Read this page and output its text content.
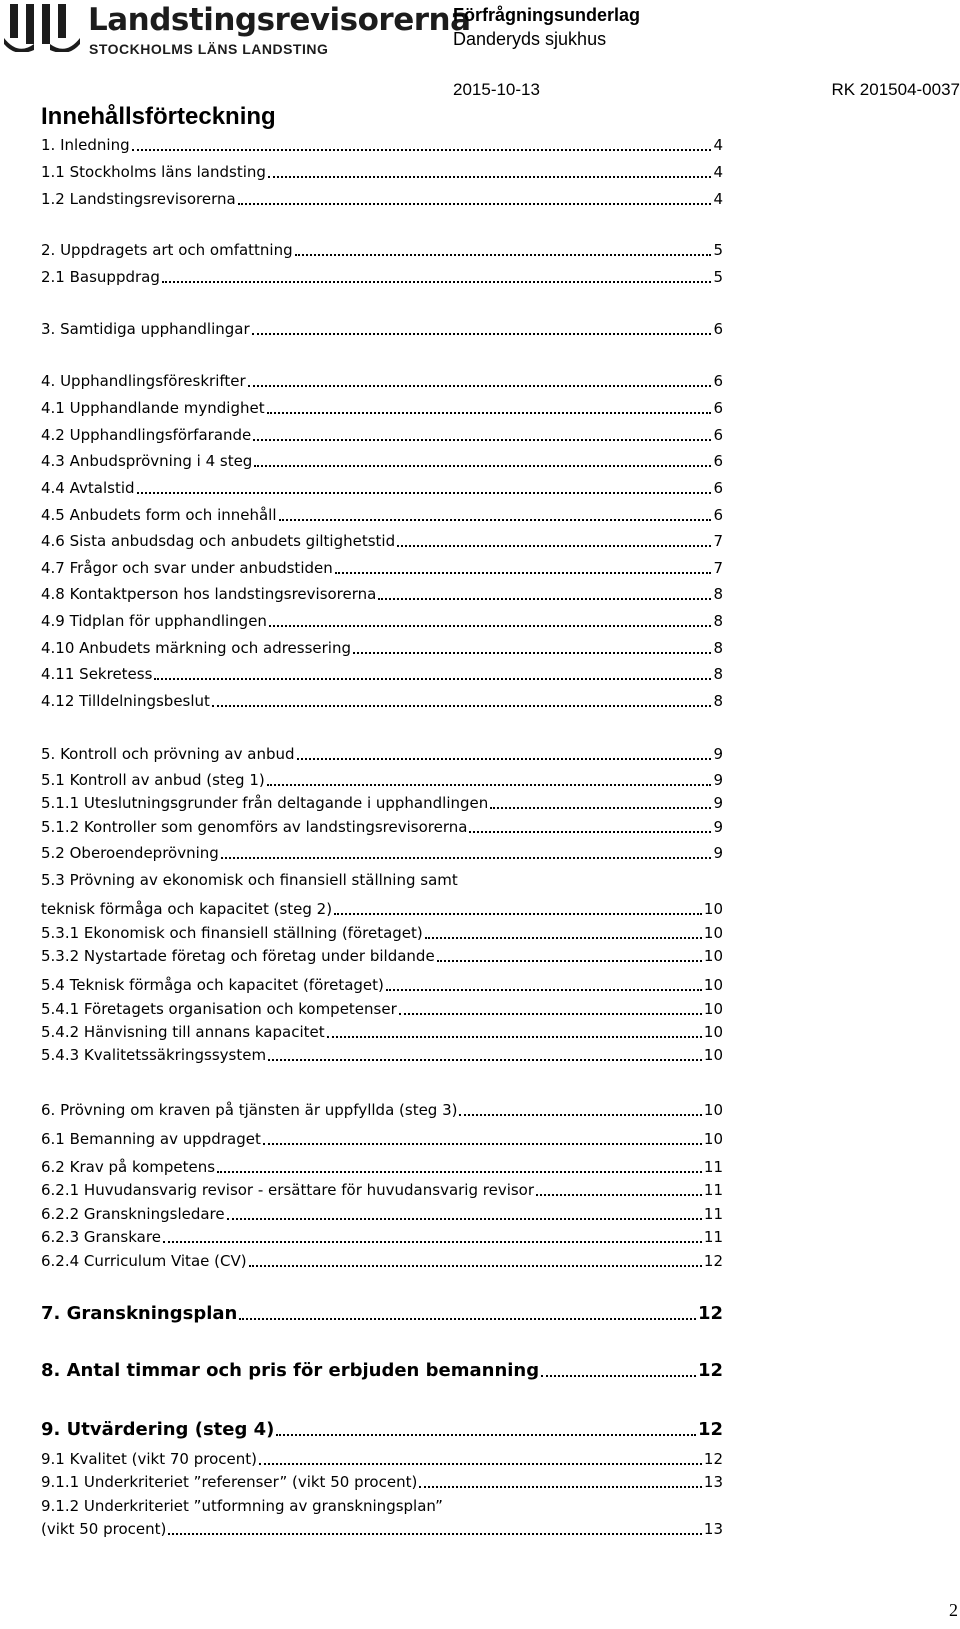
Landstingsrevisorerna
STOCKHOLMS LÄNS LANDSTING
Förfrågningsunderlag
Danderyds sjukhus
2015-10-13	RK 201504-0037
Innehållsförteckning
1. Inledning	4
1.1 Stockholms läns landsting	4
1.2 Landstingsrevisorerna	4
2. Uppdragets art och omfattning	5
2.1 Basuppdrag	5
3. Samtidiga upphandlingar	6
4. Upphandlingsföreskrifter	6
4.1 Upphandlande myndighet	6
4.2 Upphandlingsförfarande	6
4.3 Anbudsprövning i 4 steg	6
4.4 Avtalstid	6
4.5 Anbudets form och innehåll	6
4.6 Sista anbudsdag och anbudets giltighetstid	7
4.7 Frågor och svar under anbudstiden	7
4.8 Kontaktperson hos landstingsrevisorerna	8
4.9 Tidplan för upphandlingen	8
4.10 Anbudets märkning och adressering	8
4.11 Sekretess	8
4.12 Tilldelningsbeslut	8
5. Kontroll och prövning av anbud	9
5.1 Kontroll av anbud (steg 1)	9
5.1.1 Uteslutningsgrunder från deltagande i upphandlingen	9
5.1.2 Kontroller som genomförs av landstingsrevisorerna	9
5.2 Oberoendeprövning	9
5.3 Prövning av ekonomisk och finansiell ställning samt
teknisk förmåga och kapacitet (steg 2)	10
5.3.1 Ekonomisk och finansiell ställning (företaget)	10
5.3.2 Nystartade företag och företag under bildande	10
5.4 Teknisk förmåga och kapacitet (företaget)	10
5.4.1 Företagets organisation och kompetenser	10
5.4.2 Hänvisning till annans kapacitet	10
5.4.3 Kvalitetssäkringssystem	10
6. Prövning om kraven på tjänsten är uppfyllda (steg 3)	10
6.1 Bemanning av uppdraget	10
6.2 Krav på kompetens	11
6.2.1 Huvudansvarig revisor - ersättare för huvudansvarig revisor	11
6.2.2 Granskningsledare	11
6.2.3 Granskare	11
6.2.4 Curriculum Vitae (CV)	12
7. Granskningsplan	12
8. Antal timmar och pris för erbjuden bemanning	12
9. Utvärdering (steg 4)	12
9.1 Kvalitet (vikt 70 procent)	12
9.1.1 Underkriteriet ”referenser” (vikt 50 procent)	13
9.1.2 Underkriteriet ”utformning av granskningsplan”
(vikt 50 procent)	13
2
